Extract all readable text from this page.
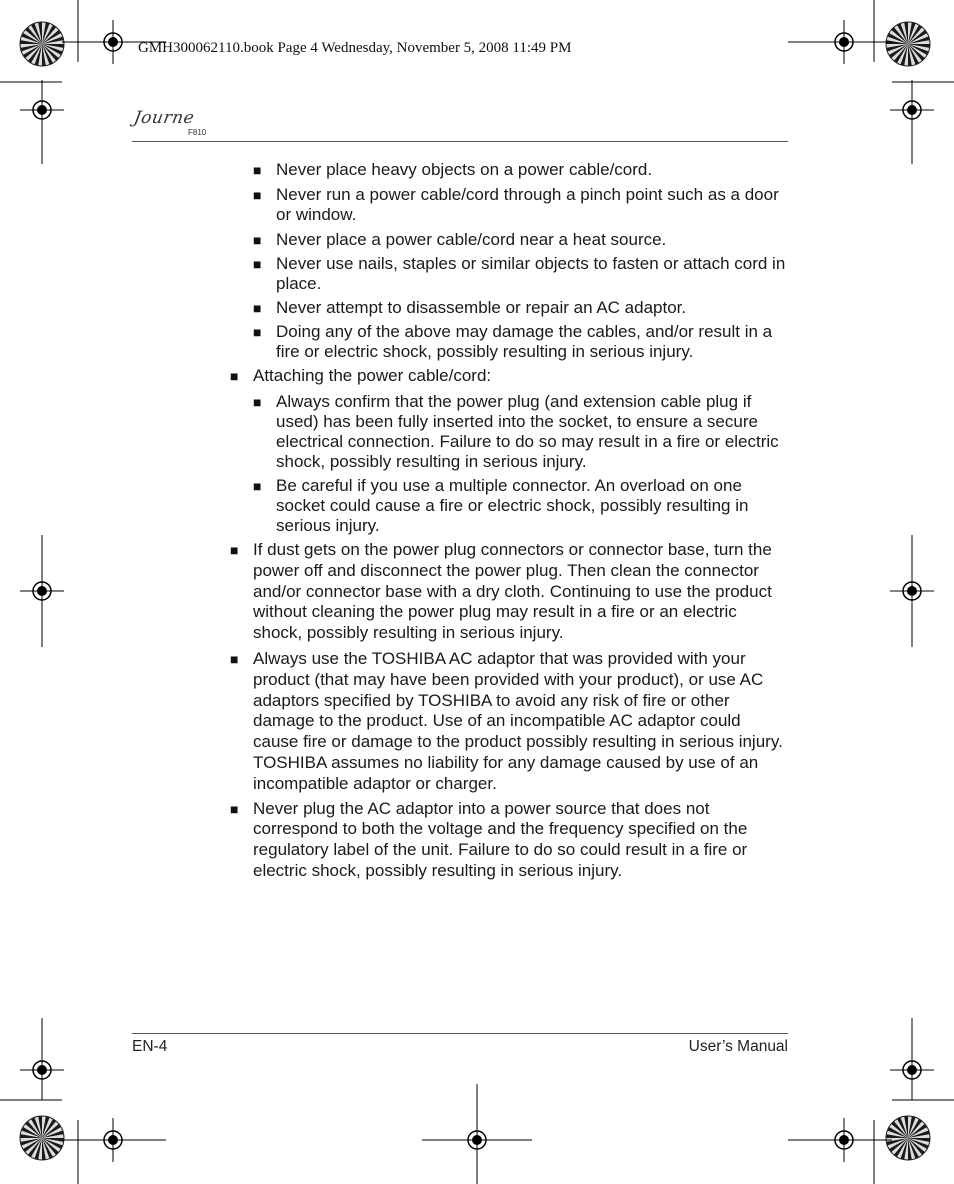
GMH300062110.book Page 4 Wednesday, November 5, 2008 11:49 PM
Journe
F810
■ Never place heavy objects on a power cable/cord.
■ Never run a power cable/cord through a pinch point such as a door or window.
■ Never place a power cable/cord near a heat source.
■ Never use nails, staples or similar objects to fasten or attach cord in place.
■ Never attempt to disassemble or repair an AC adaptor.
■ Doing any of the above may damage the cables, and/or result in a fire or electric shock, possibly resulting in serious injury.
■ Attaching the power cable/cord:
■ Always confirm that the power plug (and extension cable plug if used) has been fully inserted into the socket, to ensure a secure electrical connection. Failure to do so may result in a fire or electric shock, possibly resulting in serious injury.
■ Be careful if you use a multiple connector. An overload on one socket could cause a fire or electric shock, possibly resulting in serious injury.
■ If dust gets on the power plug connectors or connector base, turn the power off and disconnect the power plug. Then clean the connector and/or connector base with a dry cloth. Continuing to use the product without cleaning the power plug may result in a fire or an electric shock, possibly resulting in serious injury.
■ Always use the TOSHIBA AC adaptor that was provided with your product (that may have been provided with your product), or use AC adaptors specified by TOSHIBA to avoid any risk of fire or other damage to the product. Use of an incompatible AC adaptor could cause fire or damage to the product possibly resulting in serious injury. TOSHIBA assumes no liability for any damage caused by use of an incompatible adaptor or charger.
■ Never plug the AC adaptor into a power source that does not correspond to both the voltage and the frequency specified on the regulatory label of the unit. Failure to do so could result in a fire or electric shock, possibly resulting in serious injury.
EN-4	User’s Manual
